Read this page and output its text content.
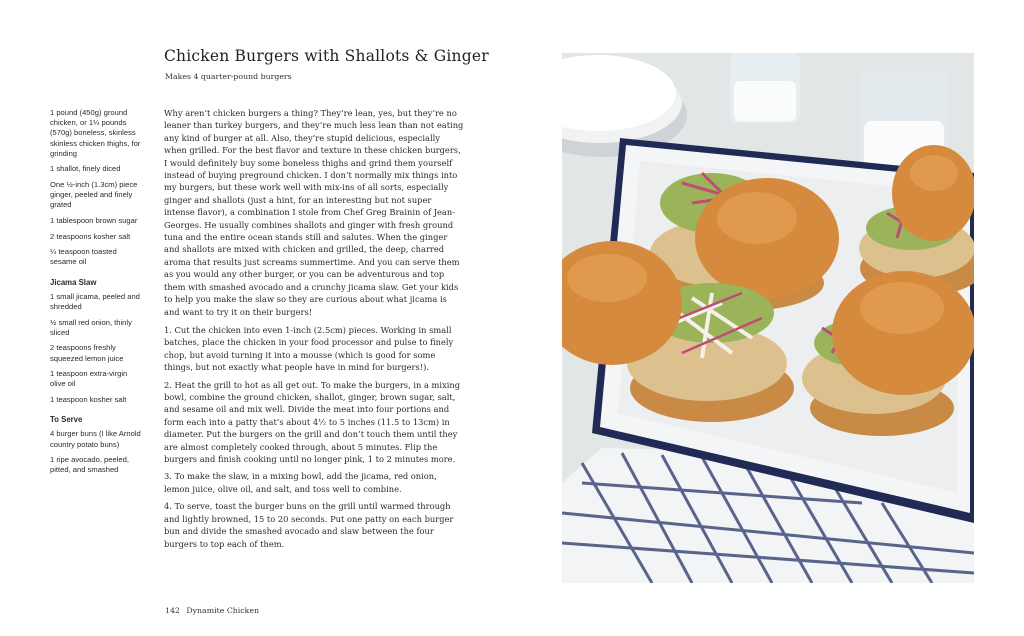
1 pound (450g) ground chicken, or 1¼ pounds (570g) boneless, skinless skinless chicken thighs, for grinding
1 shallot, finely diced
One ½-inch (1.3cm) piece ginger, peeled and finely grated
1 tablespoon brown sugar
2 teaspoons kosher salt
¼ teaspoon toasted sesame oil
Jicama Slaw
1 small jicama, peeled and shredded
½ small red onion, thinly sliced
2 teaspoons freshly squeezed lemon juice
1 teaspoon extra-virgin olive oil
1 teaspoon kosher salt
To Serve
4 burger buns (I like Arnold country potato buns)
1 ripe avocado, peeled, pitted, and smashed
Chicken Burgers with Shallots & Ginger
Makes 4 quarter-pound burgers

Why aren’t chicken burgers a thing? They’re lean, yes, but they’re no leaner than turkey burgers, and they’re much less lean than not eating any kind of burger at all. Also, they’re stupid delicious, especially when grilled. For the best flavor and texture in these chicken burgers, I would definitely buy some boneless thighs and grind them yourself instead of buying preground chicken. I don’t normally mix things into my burgers, but these work well with mix-ins of all sorts, especially ginger and shallots (just a hint, for an interesting but not super intense flavor), a combination I stole from Chef Greg Brainin of Jean-Georges. He usually combines shallots and ginger with fresh ground tuna and the entire ocean stands still and salutes. When the ginger and shallots are mixed with chicken and grilled, the deep, charred aroma that results just screams summertime. And you can serve them as you would any other burger, or you can be adventurous and top them with smashed avocado and a crunchy jicama slaw. Get your kids to help you make the slaw so they are curious about what jicama is and want to try it on their burgers!

1. Cut the chicken into even 1-inch (2.5cm) pieces. Working in small batches, place the chicken in your food processor and pulse to finely chop, but avoid turning it into a mousse (which is good for some things, but not exactly what people have in mind for burgers!).

2. Heat the grill to hot as all get out. To make the burgers, in a mixing bowl, combine the ground chicken, shallot, ginger, brown sugar, salt, and sesame oil and mix well. Divide the meat into four portions and form each into a patty that’s about 4½ to 5 inches (11.5 to 13cm) in diameter. Put the burgers on the grill and don’t touch them until they are almost completely cooked through, about 5 minutes. Flip the burgers and finish cooking until no longer pink, 1 to 2 minutes more.

3. To make the slaw, in a mixing bowl, add the jicama, red onion, lemon juice, olive oil, and salt, and toss well to combine.

4. To serve, toast the burger buns on the grill until warmed through and lightly browned, 15 to 20 seconds. Put one patty on each burger bun and divide the smashed avocado and slaw between the four burgers to top each of them.

142 Dynamite Chicken
